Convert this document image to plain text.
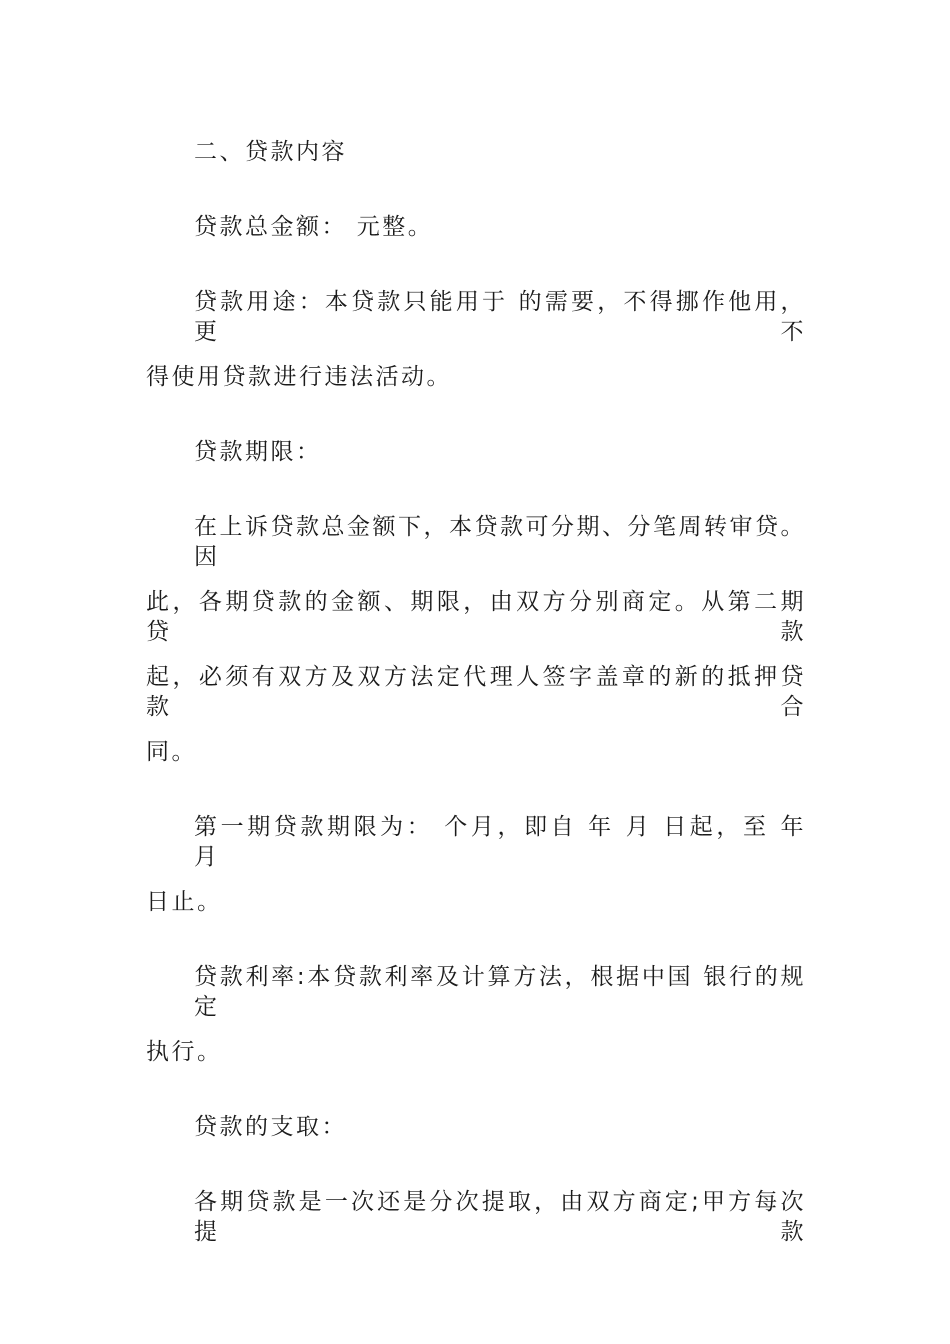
二、贷款内容
贷款总金额： 元整。
贷款用途：本贷款只能用于 的需要，不得挪作他用，更不
得使用贷款进行违法活动。
贷款期限：
在上诉贷款总金额下，本贷款可分期、分笔周转审贷。因
此，各期贷款的金额、期限，由双方分别商定。从第二期贷款
起，必须有双方及双方法定代理人签字盖章的新的抵押贷款合
同。
第一期贷款期限为： 个月，即自 年 月 日起，至 年 月
日止。
贷款利率:本贷款利率及计算方法，根据中国 银行的规定
执行。
贷款的支取：
各期贷款是一次还是分次提取，由双方商定;甲方每次提款
